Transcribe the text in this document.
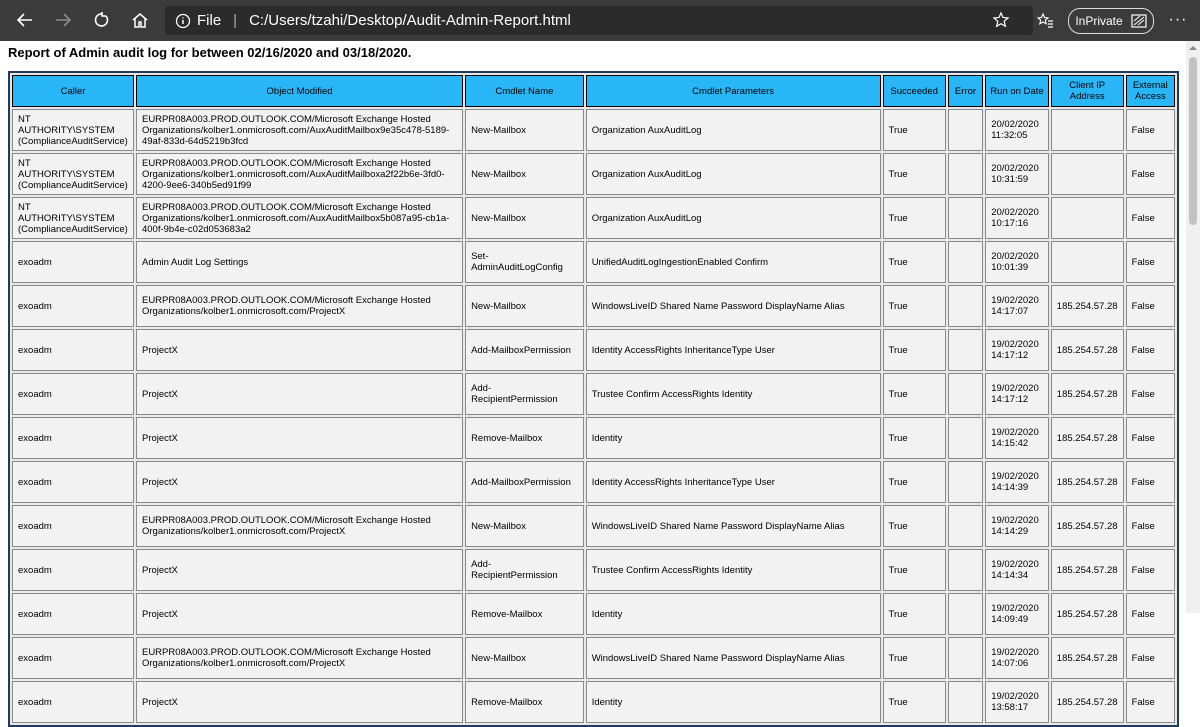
File | C:/Users/tzahi/Desktop/Audit-Admin-Report.html	InPrivate	···
Report of Admin audit log for between 02/16/2020 and 03/18/2020.
Caller	Object Modified	Cmdlet Name	Cmdlet Parameters	Succeeded	Error	Run on Date	Client IP Address	External Access
NT AUTHORITY\SYSTEM (ComplianceAuditService)	EURPR08A003.PROD.OUTLOOK.COM/Microsoft Exchange Hosted Organizations/kolber1.onmicrosoft.com/AuxAuditMailbox9e35c478-5189-49af-833d-64d5219b3fcd	New-Mailbox	Organization AuxAuditLog	True		20/02/2020 11:32:05		False
NT AUTHORITY\SYSTEM (ComplianceAuditService)	EURPR08A003.PROD.OUTLOOK.COM/Microsoft Exchange Hosted Organizations/kolber1.onmicrosoft.com/AuxAuditMailboxa2f22b6e-3fd0-4200-9ee6-340b5ed91f99	New-Mailbox	Organization AuxAuditLog	True		20/02/2020 10:31:59		False
NT AUTHORITY\SYSTEM (ComplianceAuditService)	EURPR08A003.PROD.OUTLOOK.COM/Microsoft Exchange Hosted Organizations/kolber1.onmicrosoft.com/AuxAuditMailbox5b087a95-cb1a-400f-9b4e-c02d053683a2	New-Mailbox	Organization AuxAuditLog	True		20/02/2020 10:17:16		False
exoadm	Admin Audit Log Settings	Set-AdminAuditLogConfig	UnifiedAuditLogIngestionEnabled Confirm	True		20/02/2020 10:01:39		False
exoadm	EURPR08A003.PROD.OUTLOOK.COM/Microsoft Exchange Hosted Organizations/kolber1.onmicrosoft.com/ProjectX	New-Mailbox	WindowsLiveID Shared Name Password DisplayName Alias	True		19/02/2020 14:17:07	185.254.57.28	False
exoadm	ProjectX	Add-MailboxPermission	Identity AccessRights InheritanceType User	True		19/02/2020 14:17:12	185.254.57.28	False
exoadm	ProjectX	Add-RecipientPermission	Trustee Confirm AccessRights Identity	True		19/02/2020 14:17:12	185.254.57.28	False
exoadm	ProjectX	Remove-Mailbox	Identity	True		19/02/2020 14:15:42	185.254.57.28	False
exoadm	ProjectX	Add-MailboxPermission	Identity AccessRights InheritanceType User	True		19/02/2020 14:14:39	185.254.57.28	False
exoadm	EURPR08A003.PROD.OUTLOOK.COM/Microsoft Exchange Hosted Organizations/kolber1.onmicrosoft.com/ProjectX	New-Mailbox	WindowsLiveID Shared Name Password DisplayName Alias	True		19/02/2020 14:14:29	185.254.57.28	False
exoadm	ProjectX	Add-RecipientPermission	Trustee Confirm AccessRights Identity	True		19/02/2020 14:14:34	185.254.57.28	False
exoadm	ProjectX	Remove-Mailbox	Identity	True		19/02/2020 14:09:49	185.254.57.28	False
exoadm	EURPR08A003.PROD.OUTLOOK.COM/Microsoft Exchange Hosted Organizations/kolber1.onmicrosoft.com/ProjectX	New-Mailbox	WindowsLiveID Shared Name Password DisplayName Alias	True		19/02/2020 14:07:06	185.254.57.28	False
exoadm	ProjectX	Remove-Mailbox	Identity	True		19/02/2020 13:58:17	185.254.57.28	False
